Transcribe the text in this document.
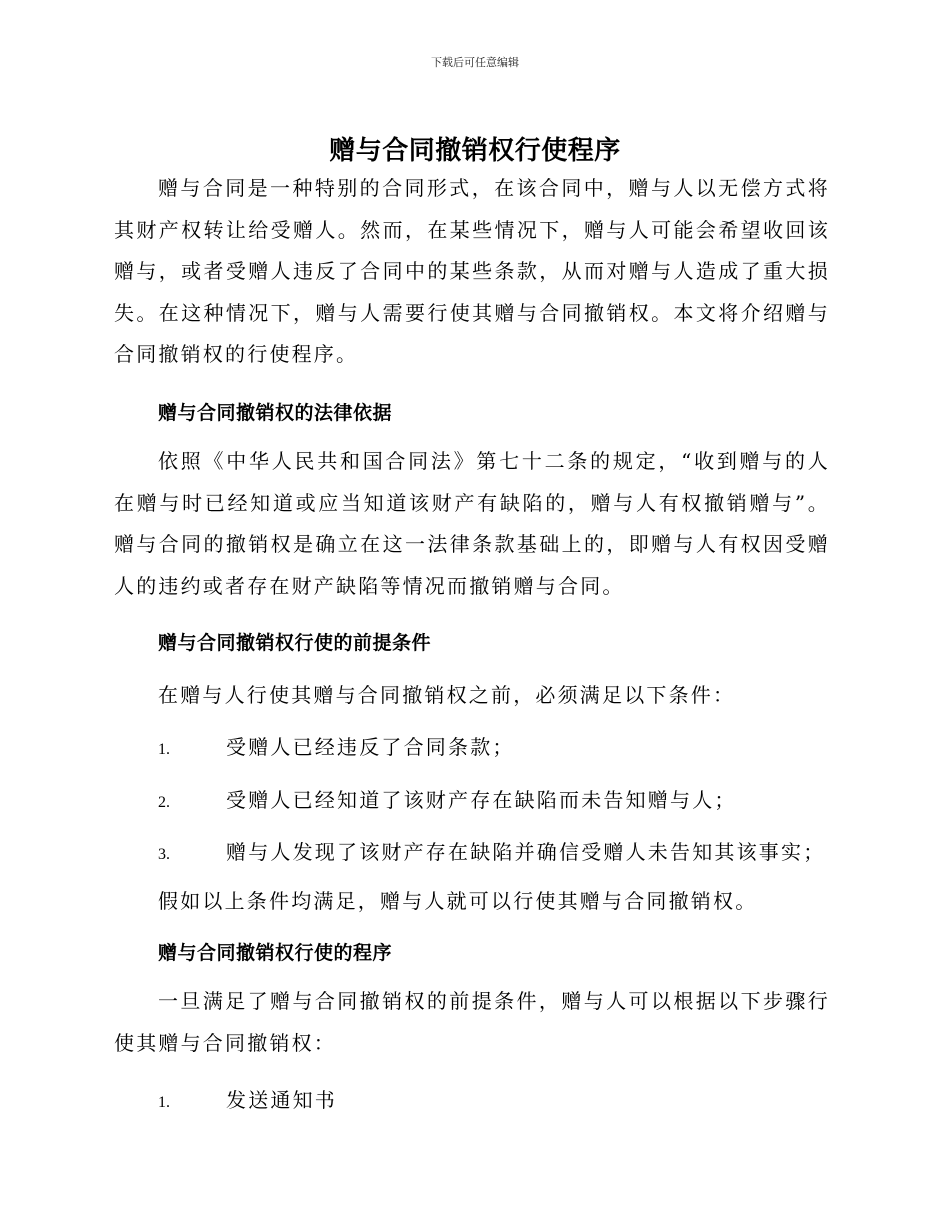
下载后可任意编辑
赠与合同撤销权行使程序

赠与合同是一种特别的合同形式，在该合同中，赠与人以无偿方式将其财产权转让给受赠人。然而，在某些情况下，赠与人可能会希望收回该赠与，或者受赠人违反了合同中的某些条款，从而对赠与人造成了重大损失。在这种情况下，赠与人需要行使其赠与合同撤销权。本文将介绍赠与合同撤销权的行使程序。

赠与合同撤销权的法律依据

依照《中华人民共和国合同法》第七十二条的规定，“收到赠与的人在赠与时已经知道或应当知道该财产有缺陷的，赠与人有权撤销赠与”。赠与合同的撤销权是确立在这一法律条款基础上的，即赠与人有权因受赠人的违约或者存在财产缺陷等情况而撤销赠与合同。

赠与合同撤销权行使的前提条件
在赠与人行使其赠与合同撤销权之前，必须满足以下条件：
1.	受赠人已经违反了合同条款；
2.	受赠人已经知道了该财产存在缺陷而未告知赠与人；
3.	赠与人发现了该财产存在缺陷并确信受赠人未告知其该事实；
假如以上条件均满足，赠与人就可以行使其赠与合同撤销权。
赠与合同撤销权行使的程序

一旦满足了赠与合同撤销权的前提条件，赠与人可以根据以下步骤行使其赠与合同撤销权：

1.	发送通知书
